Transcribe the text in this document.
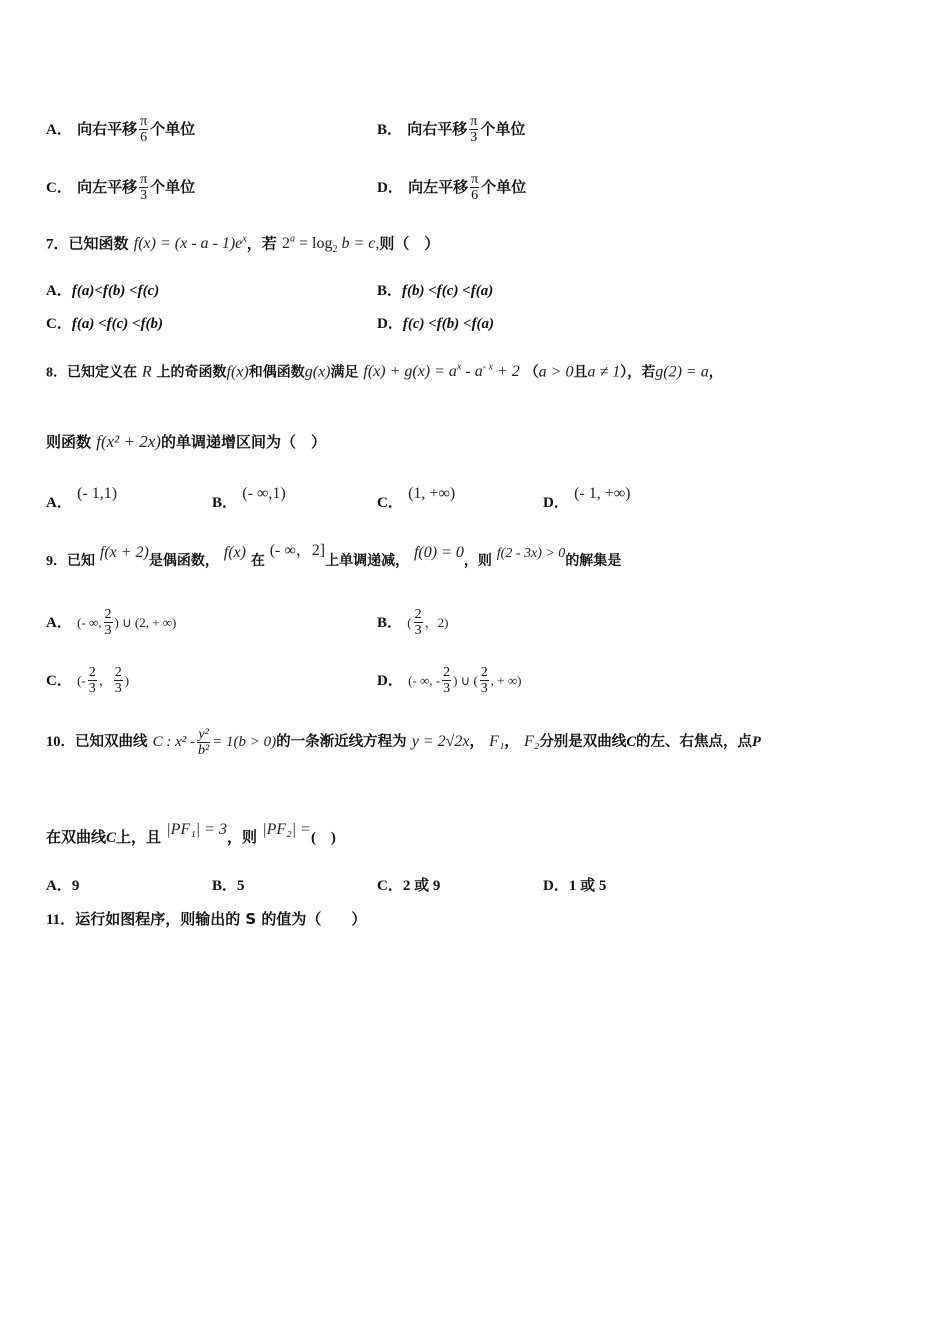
A． 向右平移 $\frac{\pi}{6}$ 个单位	B． 向右平移 $\frac{\pi}{3}$ 个单位
C． 向左平移 $\frac{\pi}{3}$ 个单位	D． 向左平移 $\frac{\pi}{6}$ 个单位
7．已知函数 $f(x) = (x - a - 1)e^x$，若 $2^a = \log_2 b = c$,则（　）
A．f(a)<f(b) <f(c)	B．f(b) <f(c) <f(a)
C．f(a) <f(c) <f(b)	D．f(c) <f(b) <f(a)
8．已知定义在 R 上的奇函数f(x)和偶函数g(x)满足 $f(x) + g(x) = a^x - a^{- x} + 2$ （a > 0且a ≠ 1），若g(2) = a，
则函数 f(x² + 2x)的单调递增区间为（　）
A． (- 1,1)
B． (- ∞,1)
C． (1, +∞)
D． (- 1, +∞)
9．已知 f(x + 2)是偶函数， f(x) 在 (- ∞，2]上单调递减， f(0) = 0，则 f(2 - 3x) > 0的解集是
A． (- ∞, $\frac{2}{3}$ ) ∪ (2, + ∞)	B． ( $\frac{2}{3}$ ，2)
C． (- $\frac{2}{3}$ ， $\frac{2}{3}$ )	D． (- ∞, - $\frac{2}{3}$ ) ∪ ( $\frac{2}{3}$ , + ∞)
10．已知双曲线 C : $x^2 - \frac{\text{y²}}{\text{b²}} = 1(b > 0)$的一条渐近线方程为 y = 2√2x， F₁， F₂分别是双曲线C的左、右焦点，点P
在双曲线C上，且 |PF₁| = 3，则 |PF₂| =(　)
A．9	B．5	C．2 或 9	D．1 或 5
11．运行如图程序，则输出的 S 的值为（　　）
